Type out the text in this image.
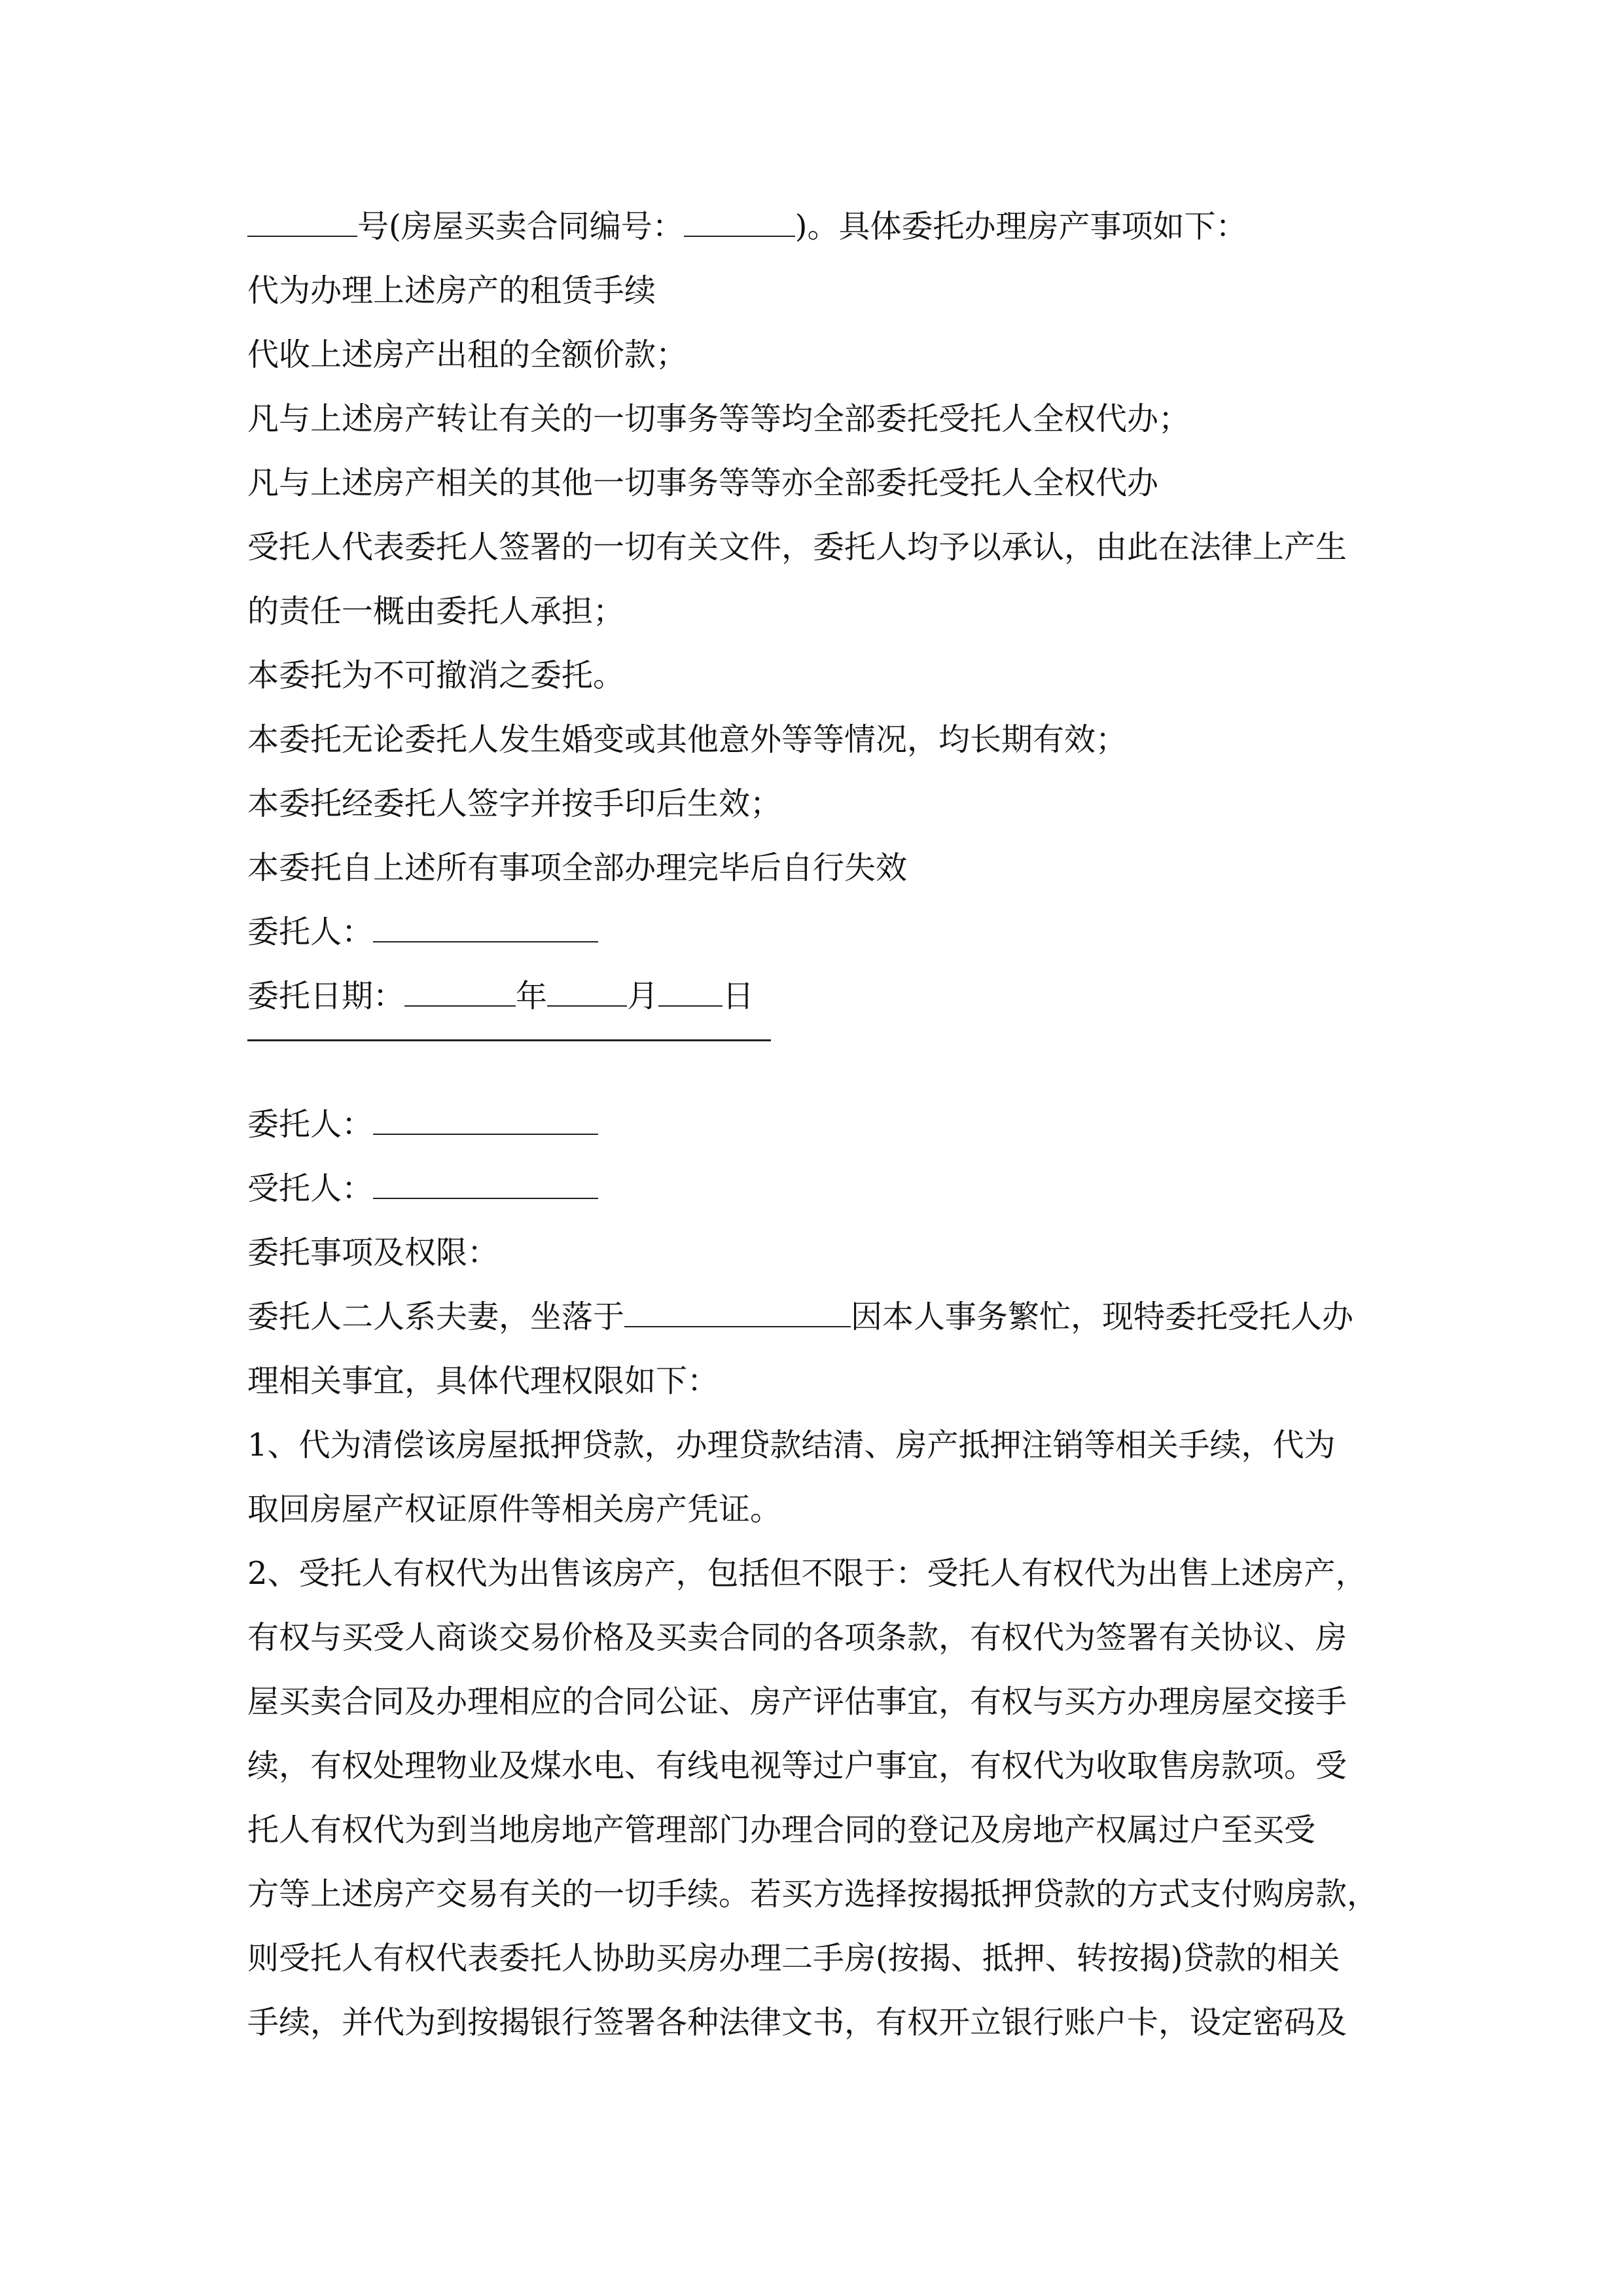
号(房屋买卖合同编号：	)。具体委托办理房产事项如下：

代为办理上述房产的租赁手续

代收上述房产出租的全额价款；

凡与上述房产转让有关的一切事务等等均全部委托受托人全权代办；

凡与上述房产相关的其他一切事务等等亦全部委托受托人全权代办

受托人代表委托人签署的一切有关文件，委托人均予以承认，由此在法律上产生

的责任一概由委托人承担；

本委托为不可撤消之委托。

本委托无论委托人发生婚变或其他意外等等情况，均长期有效；

本委托经委托人签字并按手印后生效；

本委托自上述所有事项全部办理完毕后自行失效

委托人：

委托日期：	年	月 日

委托人：

受托人：

委托事项及权限：

委托人二人系夫妻，坐落于	因本人事务繁忙，现特委托受托人办

理相关事宜，具体代理权限如下：

1、代为清偿该房屋抵押贷款，办理贷款结清、房产抵押注销等相关手续，代为

取回房屋产权证原件等相关房产凭证。

2、受托人有权代为出售该房产，包括但不限于：受托人有权代为出售上述房产，

有权与买受人商谈交易价格及买卖合同的各项条款，有权代为签署有关协议、房

屋买卖合同及办理相应的合同公证、房产评估事宜，有权与买方办理房屋交接手

续，有权处理物业及煤水电、有线电视等过户事宜，有权代为收取售房款项。受

托人有权代为到当地房地产管理部门办理合同的登记及房地产权属过户至买受

方等上述房产交易有关的一切手续。若买方选择按揭抵押贷款的方式支付购房款，

则受托人有权代表委托人协助买房办理二手房(按揭、抵押、转按揭)贷款的相关

手续，并代为到按揭银行签署各种法律文书，有权开立银行账户卡，设定密码及
